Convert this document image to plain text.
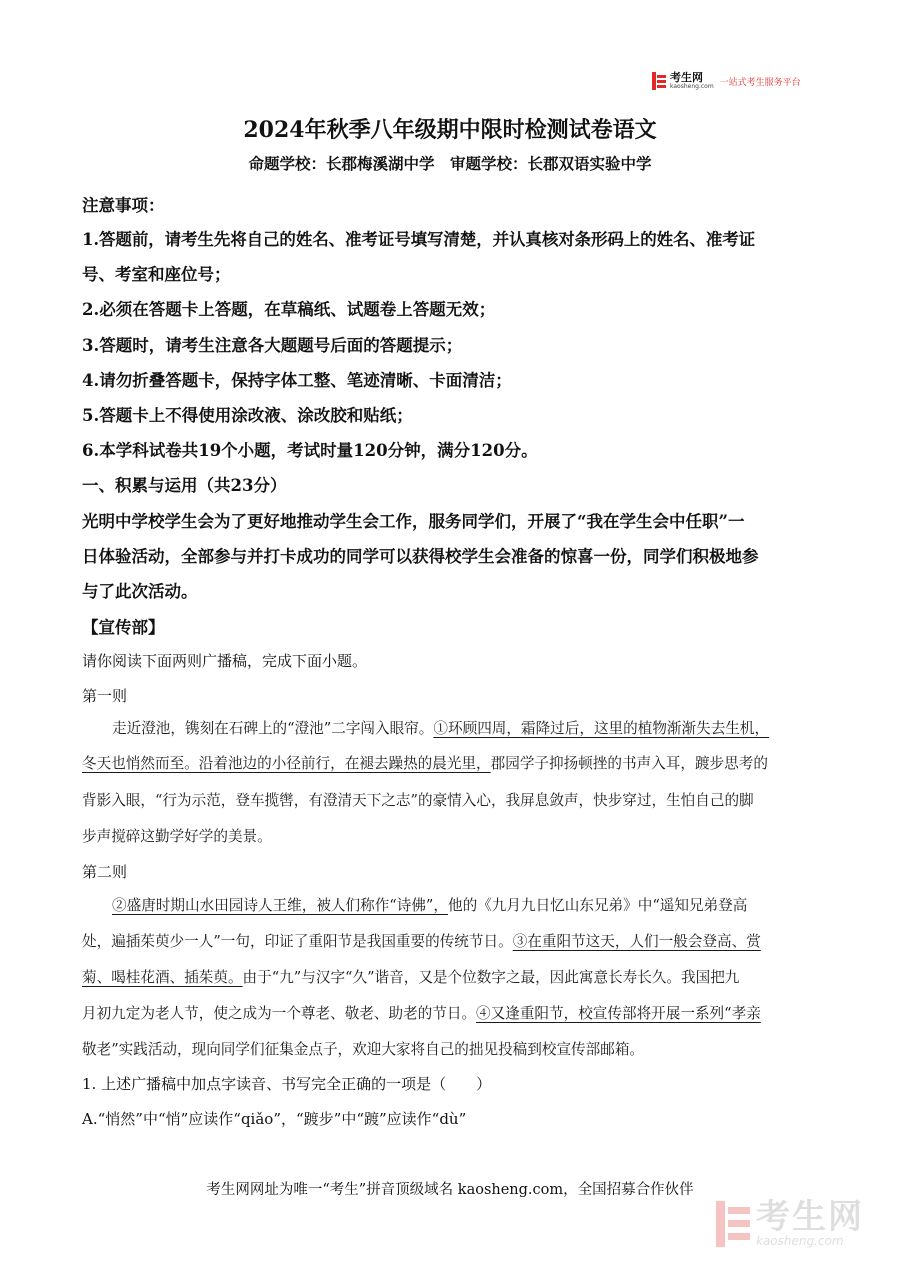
考生网
kaosheng.com 一站式考生服务平台
2024年秋季八年级期中限时检测试卷语文
命题学校：长郡梅溪湖中学　审题学校：长郡双语实验中学
注意事项：
1.答题前，请考生先将自己的姓名、准考证号填写清楚，并认真核对条形码上的姓名、准考证
号、考室和座位号；
2.必须在答题卡上答题，在草稿纸、试题卷上答题无效；
3.答题时，请考生注意各大题题号后面的答题提示；
4.请勿折叠答题卡，保持字体工整、笔迹清晰、卡面清洁；
5.答题卡上不得使用涂改液、涂改胶和贴纸；
6.本学科试卷共19个小题，考试时量120分钟，满分120分。
一、积累与运用（共23分）
光明中学校学生会为了更好地推动学生会工作，服务同学们，开展了“我在学生会中任职”一
日体验活动，全部参与并打卡成功的同学可以获得校学生会准备的惊喜一份，同学们积极地参
与了此次活动。
【宣传部】
请你阅读下面两则广播稿，完成下面小题。
第一则
走近澄池，镌刻在石碑上的“澄池”二字闯入眼帘。①环顾四周，霜降过后，这里的植物渐渐失去生机，
冬天也悄然而至。沿着池边的小径前行，在褪去躁热的晨光里，郡园学子抑扬顿挫的书声入耳，踱步思考的
背影入眼，“行为示范，登车揽辔，有澄清天下之志”的豪情入心，我屏息敛声，快步穿过，生怕自己的脚
步声搅碎这勤学好学的美景。
第二则
②盛唐时期山水田园诗人王维，被人们称作“诗佛”，他的《九月九日忆山东兄弟》中“遥知兄弟登高
处，遍插茱萸少一人”一句，印证了重阳节是我国重要的传统节日。③在重阳节这天，人们一般会登高、赏
菊、喝桂花酒、插茱萸。由于“九”与汉字“久”谐音，又是个位数字之最，因此寓意长寿长久。我国把九
月初九定为老人节，使之成为一个尊老、敬老、助老的节日。④又逢重阳节，校宣传部将开展一系列“孝亲
敬老”实践活动，现向同学们征集金点子，欢迎大家将自己的拙见投稿到校宣传部邮箱。
1. 上述广播稿中加点字读音、书写完全正确的一项是（　　）
A.“悄然”中“悄”应读作“qiǎo”，“踱步”中“踱”应读作“dù”
考生网网址为唯一“考生”拼音顶级域名 kaosheng.com，全国招募合作伙伴
考生网
kaosheng.com
